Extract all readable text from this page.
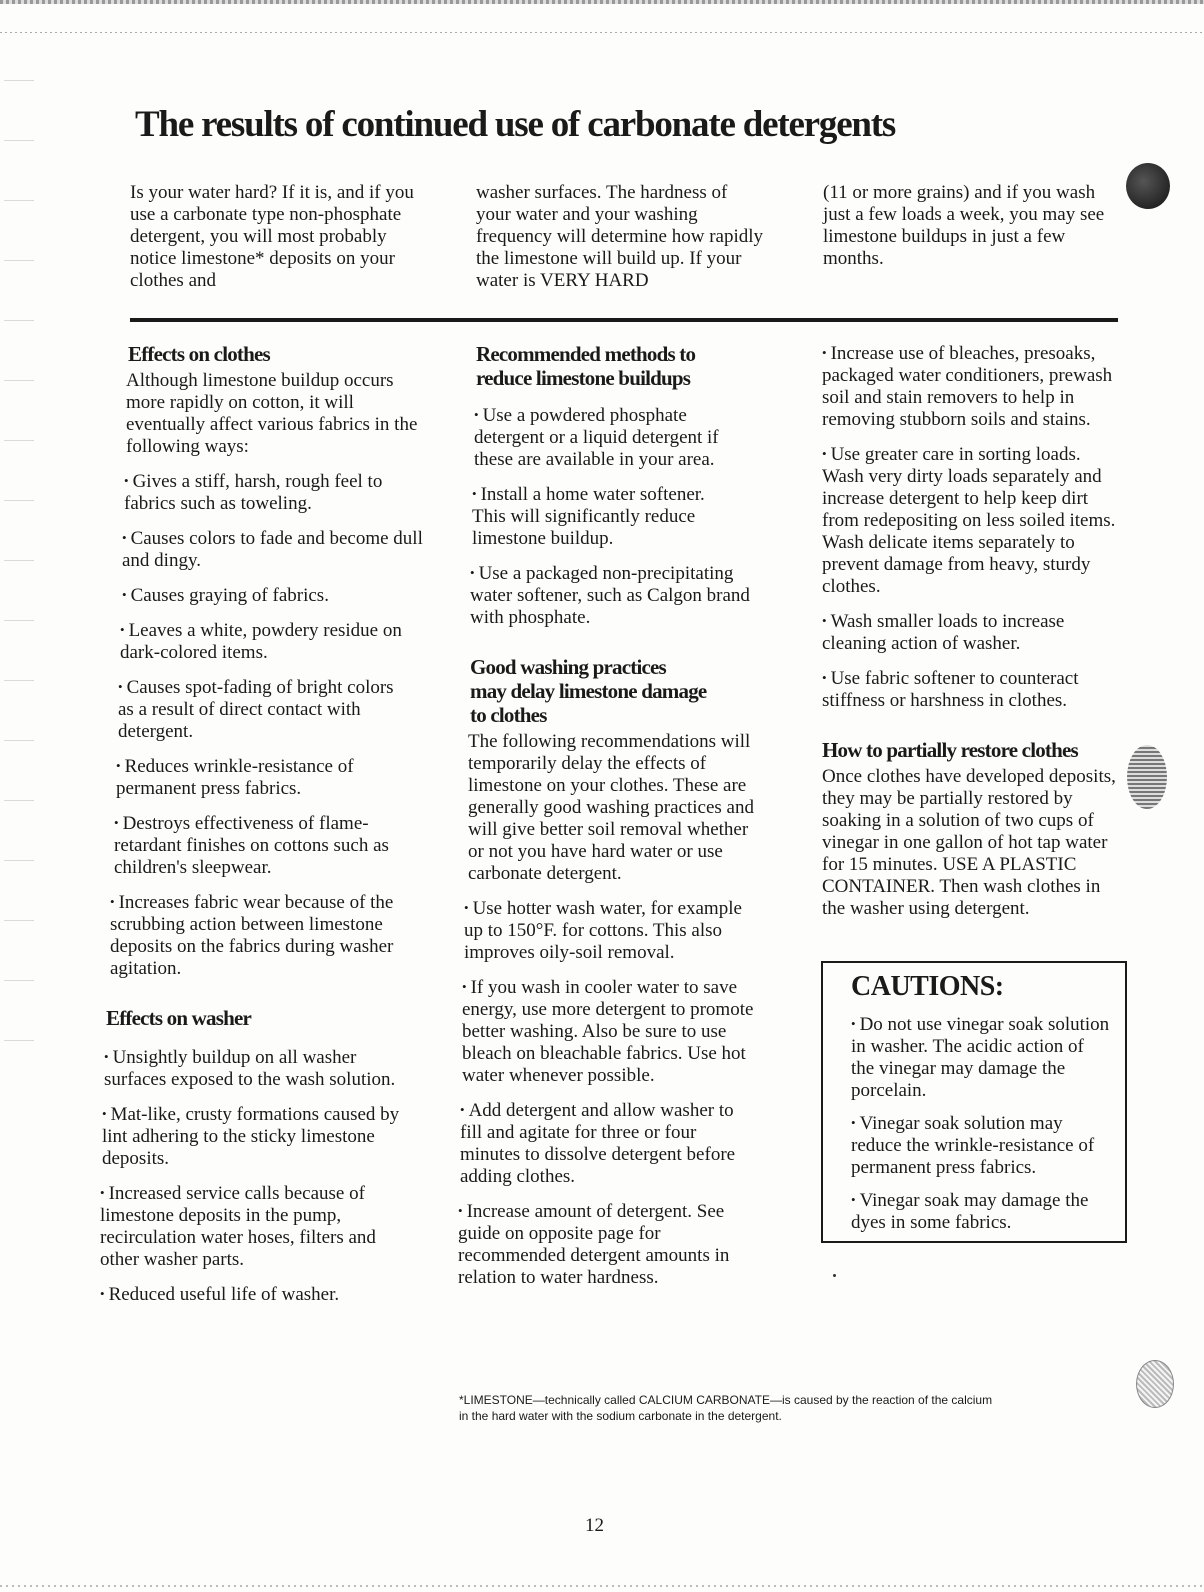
The results of continued use of carbonate detergents

Is your water hard? If it is, and if you use a carbonate type non-phosphate detergent, you will most probably notice limestone* deposits on your clothes and

washer surfaces. The hardness of your water and your washing frequency will determine how rapidly the limestone will build up. If your water is VERY HARD

(11 or more grains) and if you wash just a few loads a week, you may see limestone buildups in just a few months.

Effects on clothes

Although limestone buildup occurs more rapidly on cotton, it will eventually affect various fabrics in the following ways:

• Gives a stiff, harsh, rough feel to fabrics such as toweling.

• Causes colors to fade and become dull and dingy.

• Causes graying of fabrics.

• Leaves a white, powdery residue on dark-colored items.

• Causes spot-fading of bright colors as a result of direct contact with detergent.

• Reduces wrinkle-resistance of permanent press fabrics.

• Destroys effectiveness of flame-retardant finishes on cottons such as children's sleepwear.

• Increases fabric wear because of the scrubbing action between limestone deposits on the fabrics during washer agitation.

Effects on washer

• Unsightly buildup on all washer surfaces exposed to the wash solution.

• Mat-like, crusty formations caused by lint adhering to the sticky limestone deposits.

• Increased service calls because of limestone deposits in the pump, recirculation water hoses, filters and other washer parts.

• Reduced useful life of washer.

Recommended methods to
reduce limestone buildups

• Use a powdered phosphate detergent or a liquid detergent if these are available in your area.

• Install a home water softener. This will significantly reduce limestone buildup.

• Use a packaged non-precipitating water softener, such as Calgon brand with phosphate.

Good washing practices
may delay limestone damage
to clothes

The following recommendations will temporarily delay the effects of limestone on your clothes. These are generally good washing practices and will give better soil removal whether or not you have hard water or use carbonate detergent.

• Use hotter wash water, for example up to 150°F. for cottons. This also improves oily-soil removal.

• If you wash in cooler water to save energy, use more detergent to promote better washing. Also be sure to use bleach on bleachable fabrics. Use hot water whenever possible.

• Add detergent and allow washer to fill and agitate for three or four minutes to dissolve detergent before adding clothes.

• Increase amount of detergent. See guide on opposite page for recommended detergent amounts in relation to water hardness.

• Increase use of bleaches, presoaks, packaged water conditioners, prewash soil and stain removers to help in removing stubborn soils and stains.

• Use greater care in sorting loads. Wash very dirty loads separately and increase detergent to help keep dirt from redepositing on less soiled items. Wash delicate items separately to prevent damage from heavy, sturdy clothes.

• Wash smaller loads to increase cleaning action of washer.

• Use fabric softener to counteract stiffness or harshness in clothes.

How to partially restore clothes

Once clothes have developed deposits, they may be partially restored by soaking in a solution of two cups of vinegar in one gallon of hot tap water for 15 minutes. USE A PLASTIC CONTAINER. Then wash clothes in the washer using detergent.

CAUTIONS:

• Do not use vinegar soak solution in washer. The acidic action of the vinegar may damage the porcelain.

• Vinegar soak solution may reduce the wrinkle-resistance of permanent press fabrics.

• Vinegar soak may damage the dyes in some fabrics.

*LIMESTONE—technically called CALCIUM CARBONATE—is caused by the reaction of the calcium in the hard water with the sodium carbonate in the detergent.

12
